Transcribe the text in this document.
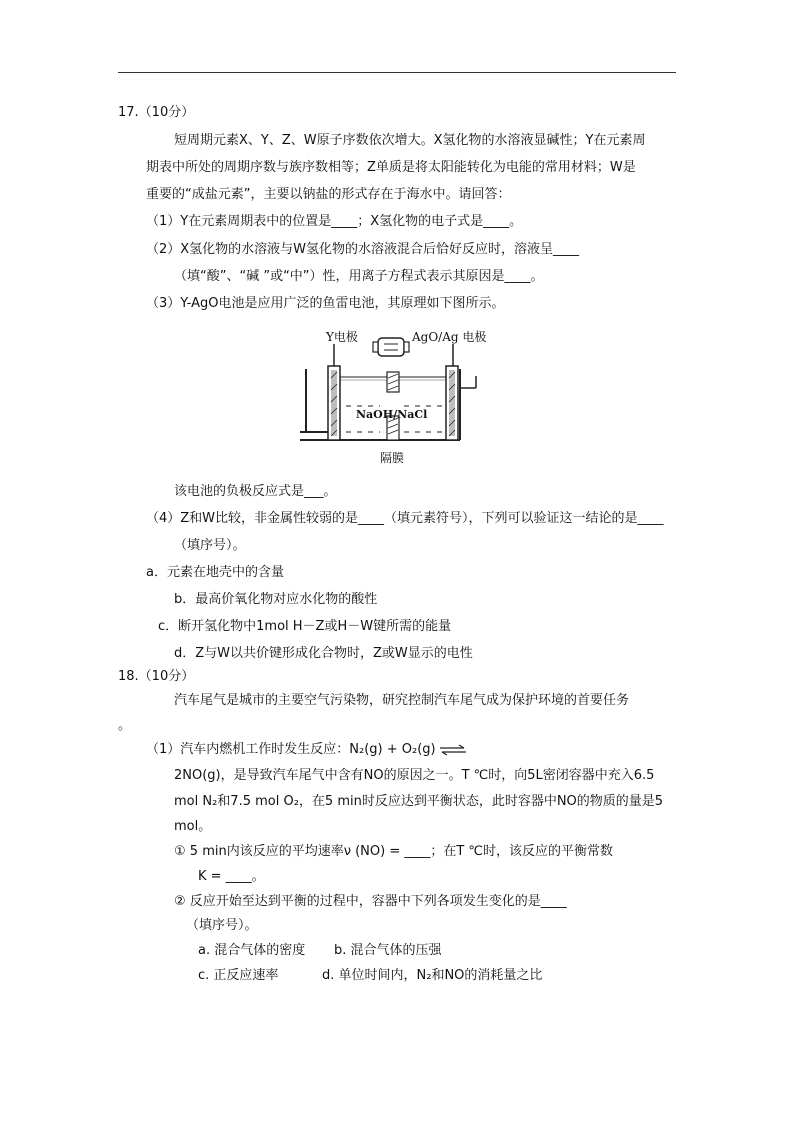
17.（10分）
短周期元素X、Y、Z、W原子序数依次增大。X氢化物的水溶液显碱性；Y在元素周
期表中所处的周期序数与族序数相等；Z单质是将太阳能转化为电能的常用材料；W是
重要的“成盐元素”，主要以钠盐的形式存在于海水中。请回答：
（1）Y在元素周期表中的位置是____；X氢化物的电子式是____。
（2）X氢化物的水溶液与W氢化物的水溶液混合后恰好反应时，溶液呈____
（填“酸”、“碱 ”或“中”）性，用离子方程式表示其原因是____。
（3）Y-AgO电池是应用广泛的鱼雷电池，其原理如下图所示。
Y电极	AgO/Ag 电极
NaOH/NaCl
隔膜
该电池的负极反应式是___。
（4）Z和W比较，非金属性较弱的是____（填元素符号），下列可以验证这一结论的是____
（填序号）。
a．元素在地壳中的含量
b．最高价氧化物对应水化物的酸性
c．断开氢化物中1mol H－Z或H－W键所需的能量
d．Z与W以共价键形成化合物时，Z或W显示的电性
18.（10分）
汽车尾气是城市的主要空气污染物，研究控制汽车尾气成为保护环境的首要任务
。
（1）汽车内燃机工作时发生反应：N₂(g) + O₂(g) ⇌
2NO(g)，是导致汽车尾气中含有NO的原因之一。T ℃时，向5L密闭容器中充入6.5
mol N₂和7.5 mol O₂，在5 min时反应达到平衡状态，此时容器中NO的物质的量是5
mol。
① 5 min内该反应的平均速率ν (NO) = ____；在T ℃时，该反应的平衡常数
K = ____。
② 反应开始至达到平衡的过程中，容器中下列各项发生变化的是____
（填序号）。
a. 混合气体的密度 b. 混合气体的压强
c. 正反应速率	d. 单位时间内，N₂和NO的消耗量之比
